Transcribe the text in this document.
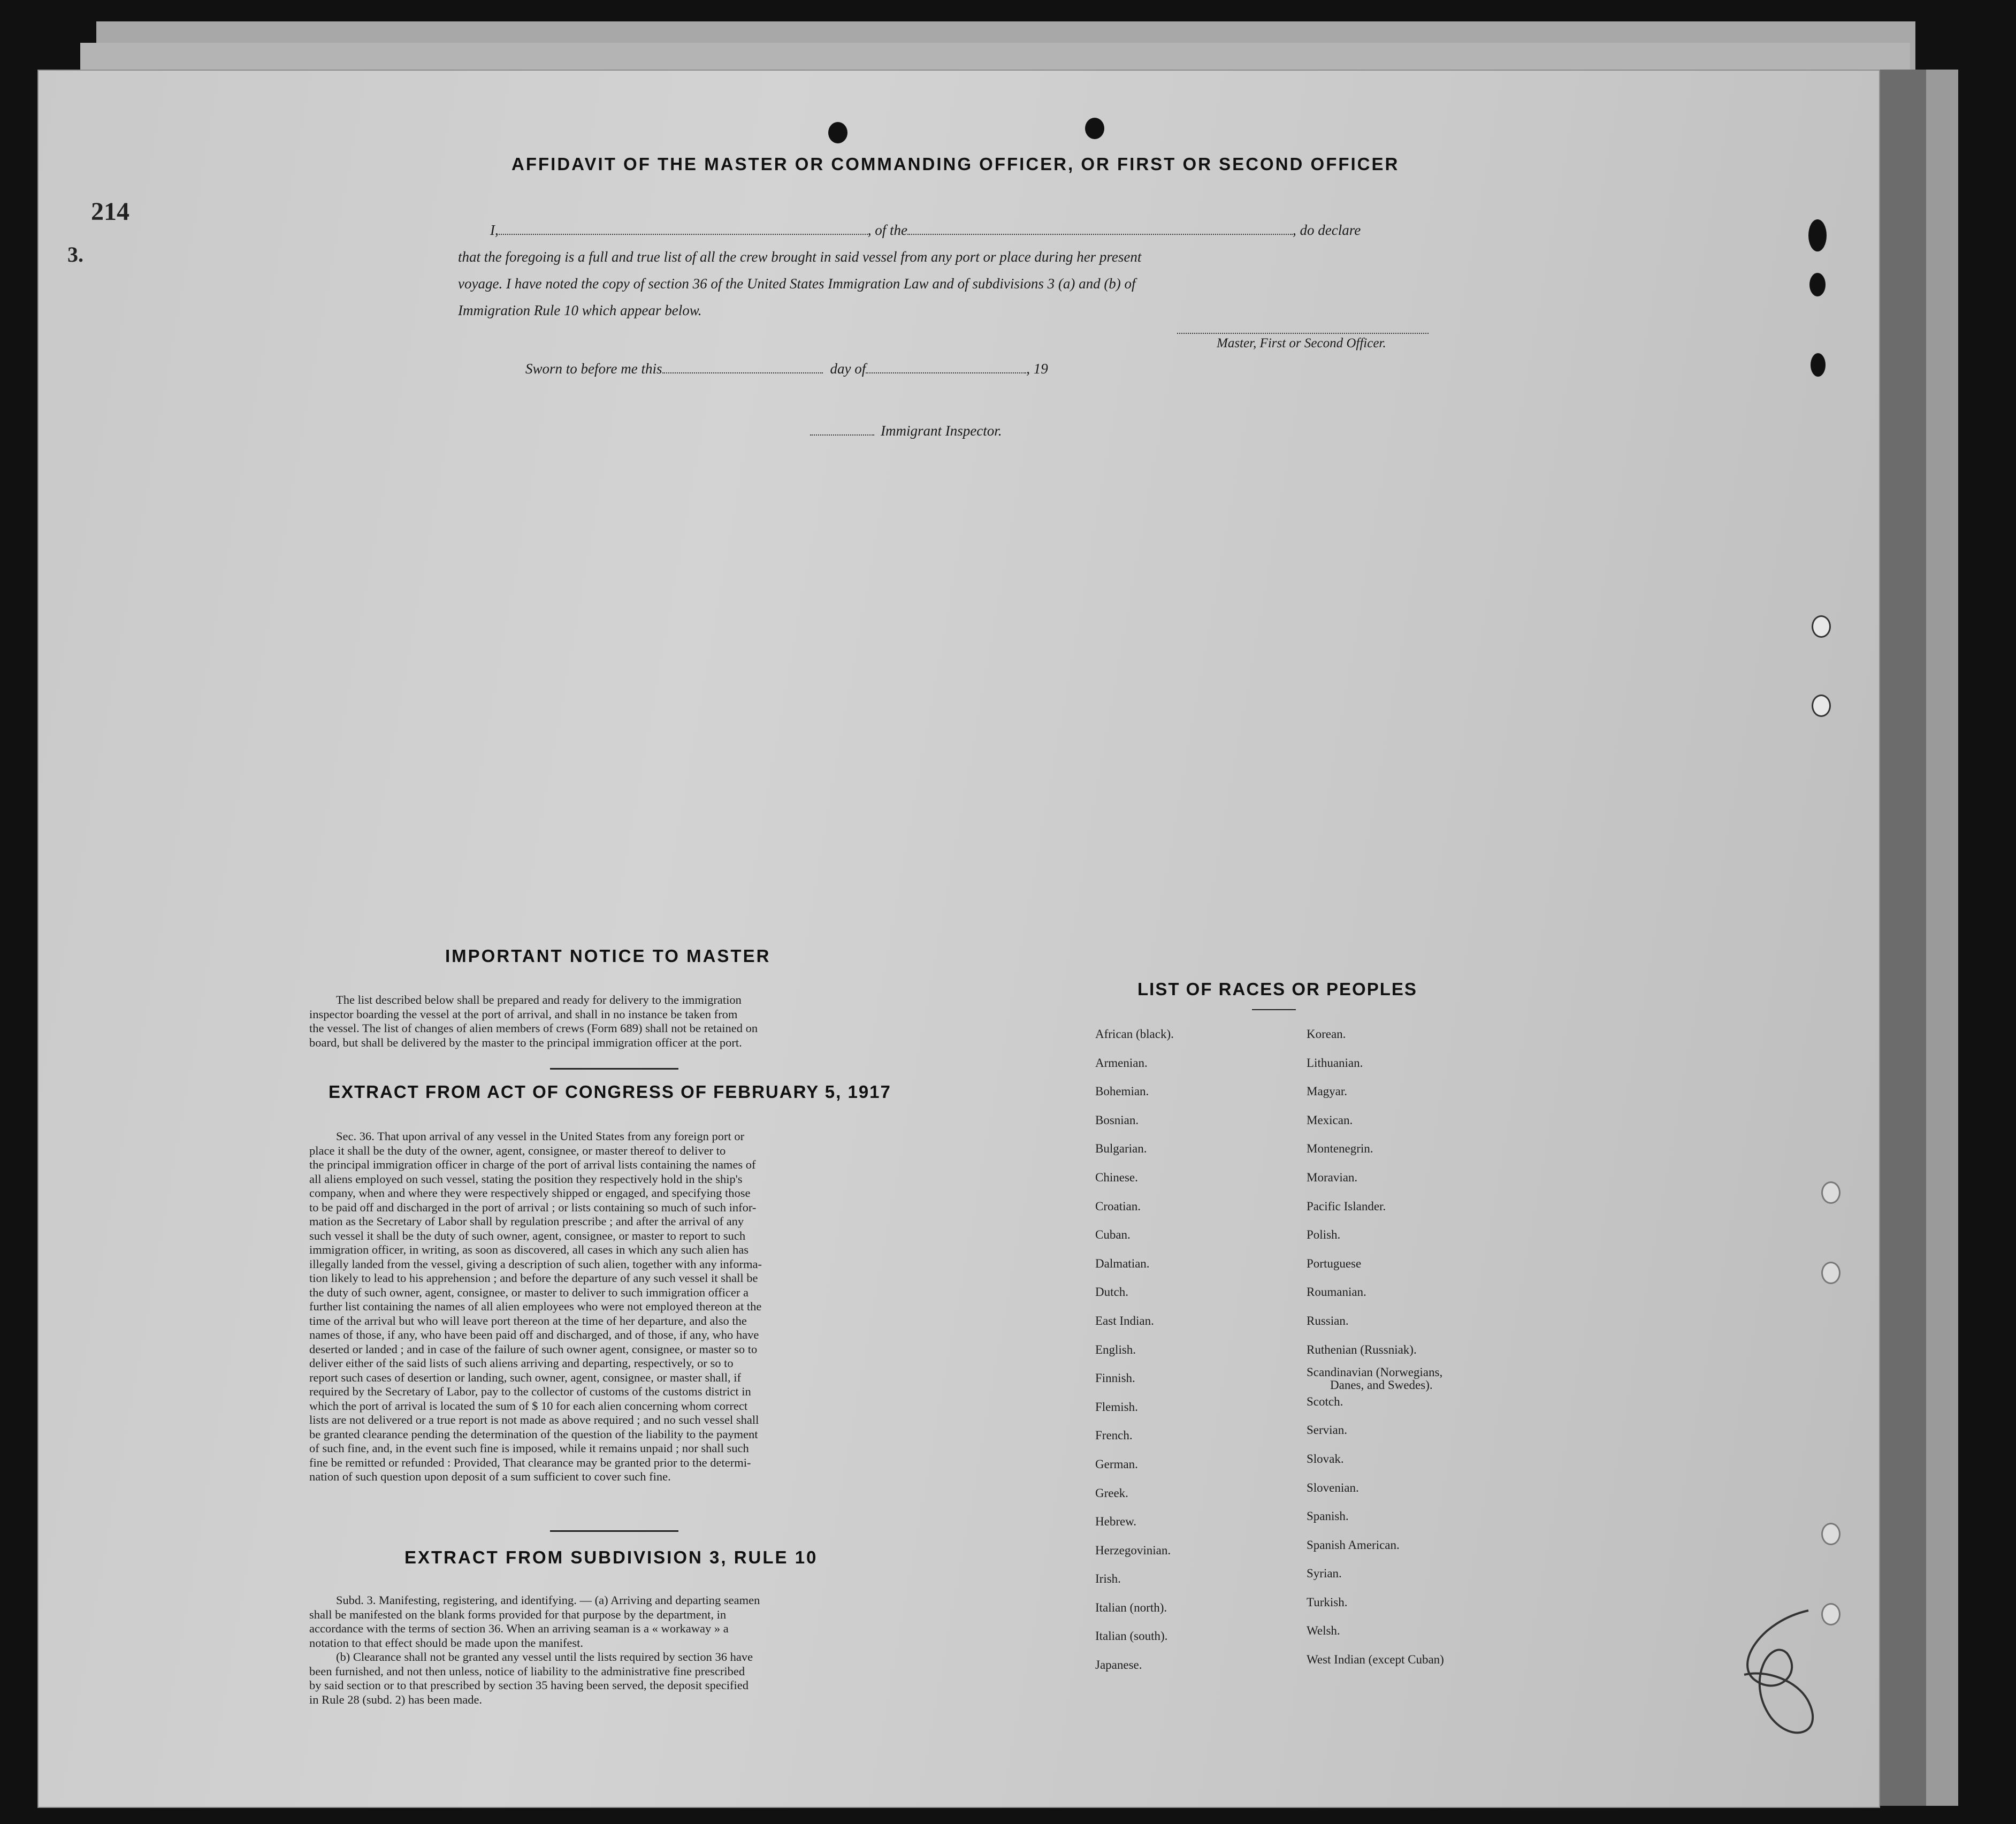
214
3.
AFFIDAVIT OF THE MASTER OR COMMANDING OFFICER, OR FIRST OR SECOND OFFICER
I,	, of the	, do declare
that the foregoing is a full and true list of all the crew brought in said vessel from any port or place during her present
voyage. I have noted the copy of section 36 of the United States Immigration Law and of subdivisions 3 (a) and (b) of
Immigration Rule 10 which appear below.
Master, First or Second Officer.
Sworn to before me this	day of	, 19
Immigrant Inspector.
IMPORTANT NOTICE TO MASTER
The list described below shall be prepared and ready for delivery to the immigration
inspector boarding the vessel at the port of arrival, and shall in no instance be taken from
the vessel. The list of changes of alien members of crews (Form 689) shall not be retained on
board, but shall be delivered by the master to the principal immigration officer at the port.
EXTRACT FROM ACT OF CONGRESS OF FEBRUARY 5, 1917
Sec. 36. That upon arrival of any vessel in the United States from any foreign port or
place it shall be the duty of the owner, agent, consignee, or master thereof to deliver to
the principal immigration officer in charge of the port of arrival lists containing the names of
all aliens employed on such vessel, stating the position they respectively hold in the ship's
company, when and where they were respectively shipped or engaged, and specifying those
to be paid off and discharged in the port of arrival ; or lists containing so much of such infor-
mation as the Secretary of Labor shall by regulation prescribe ; and after the arrival of any
such vessel it shall be the duty of such owner, agent, consignee, or master to report to such
immigration officer, in writing, as soon as discovered, all cases in which any such alien has
illegally landed from the vessel, giving a description of such alien, together with any informa-
tion likely to lead to his apprehension ; and before the departure of any such vessel it shall be
the duty of such owner, agent, consignee, or master to deliver to such immigration officer a
further list containing the names of all alien employees who were not employed thereon at the
time of the arrival but who will leave port thereon at the time of her departure, and also the
names of those, if any, who have been paid off and discharged, and of those, if any, who have
deserted or landed ; and in case of the failure of such owner agent, consignee, or master so to
deliver either of the said lists of such aliens arriving and departing, respectively, or so to
report such cases of desertion or landing, such owner, agent, consignee, or master shall, if
required by the Secretary of Labor, pay to the collector of customs of the customs district in
which the port of arrival is located the sum of $ 10 for each alien concerning whom correct
lists are not delivered or a true report is not made as above required ; and no such vessel shall
be granted clearance pending the determination of the question of the liability to the payment
of such fine, and, in the event such fine is imposed, while it remains unpaid ; nor shall such
fine be remitted or refunded : Provided, That clearance may be granted prior to the determi-
nation of such question upon deposit of a sum sufficient to cover such fine.
EXTRACT FROM SUBDIVISION 3, RULE 10
Subd. 3. Manifesting, registering, and identifying. — (a) Arriving and departing seamen
shall be manifested on the blank forms provided for that purpose by the department, in
accordance with the terms of section 36. When an arriving seaman is a « workaway » a
notation to that effect should be made upon the manifest.
(b) Clearance shall not be granted any vessel until the lists required by section 36 have
been furnished, and not then unless, notice of liability to the administrative fine prescribed
by said section or to that prescribed by section 35 having been served, the deposit specified
in Rule 28 (subd. 2) has been made.
LIST OF RACES OR PEOPLES
African (black).
Armenian.
Bohemian.
Bosnian.
Bulgarian.
Chinese.
Croatian.
Cuban.
Dalmatian.
Dutch.
East Indian.
English.
Finnish.
Flemish.
French.
German.
Greek.
Hebrew.
Herzegovinian.
Irish.
Italian (north).
Italian (south).
Japanese.
Korean.
Lithuanian.
Magyar.
Mexican.
Montenegrin.
Moravian.
Pacific Islander.
Polish.
Portuguese
Roumanian.
Russian.
Ruthenian (Russniak).
Scandinavian (Norwegians,
Danes, and Swedes).
Scotch.
Servian.
Slovak.
Slovenian.
Spanish.
Spanish American.
Syrian.
Turkish.
Welsh.
West Indian (except Cuban)
